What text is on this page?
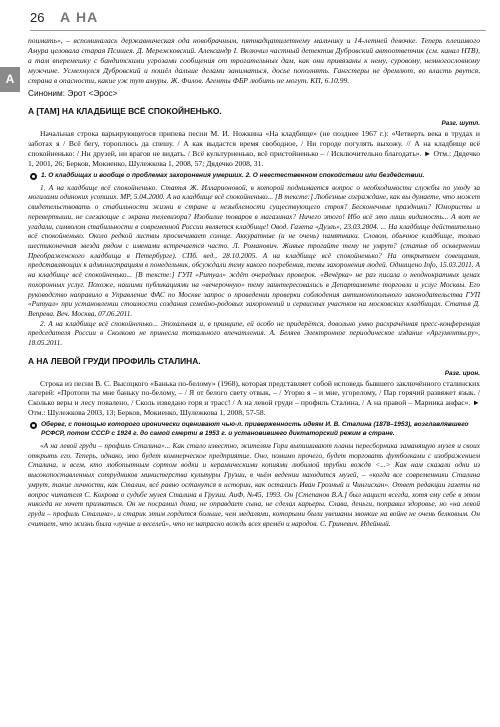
26 А НА
А

поимать», – вспоминалась державническая ода новобрачным, пятнадцатилетнему мальчику и 14-летней девочке. Теперь плешивого Амура целовала старая Псишея. Д. Мережковский. Александр I. Включил частный детектив Дубровский автоответчик (см. канал НТВ), а там вперемешку с бандитскими угрозами сообщения от трогательных дам, как они привязаны к нему, суровому, немногословному мужчине. Усмехнулся Дубровский и пошёл дальше делами заниматься, досье пополнять. Гангстеры не дремлют, во власть рвутся, страна в опасности, какие уж тут амуры. Ж. Филов. Агенты ФБР любить не могут. КП, 6.10.99.

Синоним: Эрот <Эрос>

А [ТАМ] НА КЛАДБИЩЕ ВСЁ СПОКОЙНЕНЬКО.

Разг. шутл.

Начальная строка варьирующегося припева песни М. И. Ножкина «На кладбище» (не позднее 1967 г.): «Четверть века в трудах и заботах я / Всё бегу, тороплюсь да спешу. / А как выдастся время свободное, / Ни городе погулять выхожу. // А на кладбище всё спокойненько: / Ни друзей, ни врагов не видать. / Всё культурненько, всё пристойненько – / Исключительно благодать». ► Отм.: Дядечко 1, 2001, 26; Берков, Мокиенко, Шулежкова 1, 2008, 57; Дядечко 2008, 31.

1. О кладбищах и вообще о проблемах захоронения умерших. 2. О неестественном спокойствии или бездействии.

1. А на кладбище всё спокойненько. Статья Ж. Илларионовой, в которой поднимается вопрос о необходимости службы по уходу за могилами одиноких усопших. МР, 5.04.2000. А на кладбище всё спокойненько... [В тексте:] Любезные сограждане, как вы думаете, что может свидетельствовать о стабильности жизни в стране и незыблемости существующего строя? Бесконечные праздники? Юмористы и перевертыши, не слезающие с экрана телевизора? Изобилие товаров в магазинах? Ничего этого! Ибо всё это лишь видимость... А вот не угадали, символом стабильности в современной России является кладбище! Овод. Газета «Дуэль», 23.03.2004. ... На кладбище действительно всё спокойненько. Около редкой листвы просвечивает солнце. Аккуратные (и не очень) памятники. Словом, обычное кладбище, только шестиконечная звезда рядом с именами встречается часто. Л. Романович. Живые трогайте тему не умрут? (статья об осквернении Преображенского кладбища в Петербурге). СПб. вед., 28.10.2005. А на кладбище всё спокойненько? На открытием совещания, представляющих к администрациям в понедельник, обсуждали тему какого погребения, темы захоронения людей. Однищено Info, 15.03.2011. А на кладбище всё спокойненько... [В тексте:] ГУП «Ритуал» ждёт очередных проверок. «Вечёрка» не раз писала о неоднократных ценах похоронных услуг. Похоже, нашими публикациями на «вечерочную» тему заинтересовались в Департаменте торговли и услуг Москвы. Его руководство направило в Управление ФАС по Москве запрос о проведении проверки соблюдения антимонопольного законодательства ГУП «Ритуал» при установлении стоимости создания семейно-родовых захоронений и сервисных участков на московских кладбищах. Статья Д. Вепрева. Веч. Москва, 07.06.2011.

2. А на кладбище всё спокойненько... Эпохальная и, в принципе, ей особо не придерётся, довольно умно расхрачённая пресс-конференция председателя России в Сколково не принесла тотального впечатления. А. Беляев Электронное периодическое издание «Аргументы.ру», 18.05.2011.

А НА ЛЕВОЙ ГРУДИ ПРОФИЛЬ СТАЛИНА.

Разг. ирон.

Строка из песни В. С. Высоцкого «Банька по-белому» (1968), которая представляет собой исповедь бывшего заключённого сталинских лагерей: «Протопи ты мне баньку по-белому, – / Я от белого свету отвык, – / Угорю я – и мне, угорелому, / Пар горячий развяжет язык. / Сколько веры и лесу повалено, / Сколь изведано горя и трасс! / А на левой груди – профиль Сталина, / А на правой – Маринка анфас». ► Отм.: Шулежкова 2003, 13; Берков, Мокиенко, Шулежкова 1, 2008, 57-58.

Оберег, с помощью которого иронически оценивают чью-л. приверженность идеям И. В. Сталина (1878–1953), возглавлявшего РСФСР, потом СССР с 1924 г. до самой смерти в 1953 г. и установившего диктаторский режим в стране.

«А на левой груди – профиль Сталина»... Как стало известно, жителям Гори выпишивают планы пересборника заманящую музея и своих открыть его. Теперь, однако, это будет коммерческое предприятие. Оно, помимо прочего, будет торговать футболками с изображением Сталина, и всем, кто любопытным сортом водки и керамическими копиями любимой трубки вождя <...> Как нам сказали одни из высокопоставленных сотрудников министерства культуры Грузии, в чьём ведении находится музей, – «когда все современники Сталина умрут, такие личности, как Сталин, всё равно останутся в истории, как остались Иван Грозный и Чингисхан». Ответ редакции газеты на вопрос читателя С. Кохрова о судьбе музея Сталина в Грузии. АиФ, №45, 1993. Он [Степанов В.А.] был нацист всегда, хотя ему себе в этом никогда не хочет признаться. Он не посрамил дома, не оправдает сына, не сделал карьеры. Слава, деньги, поправил здоровье, но «на левой груди – профиль Сталина», и старик этим гордится больше, чем медалями, которыми были увешаны звонкие на войне не очень белковым. Он считает, что жизнь была «лучше и веселей», что не напрасно вождь всех времён и народов. С. Гриневич. Идейный.
